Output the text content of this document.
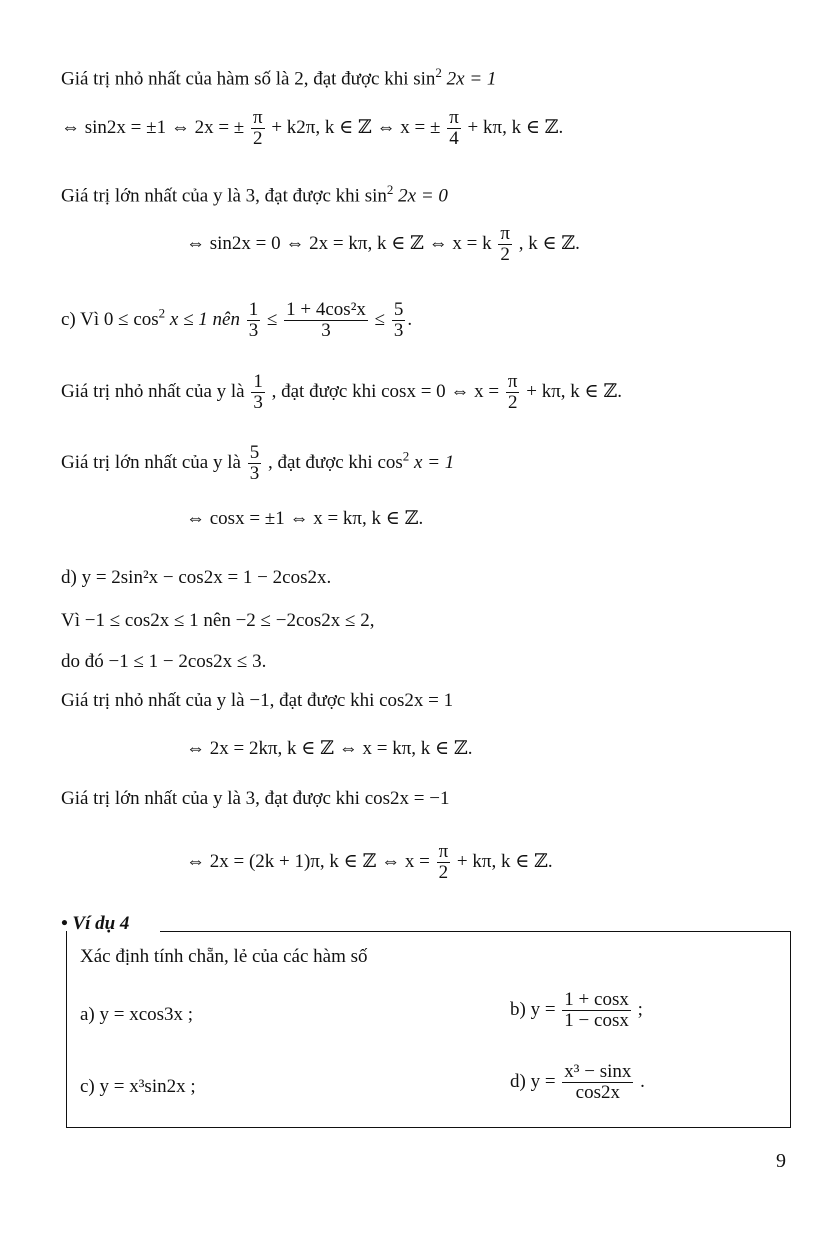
Giá trị nhỏ nhất của hàm số là 2, đạt được khi $\sin^2 2x = 1$
⇔ sin2x = ±1 ⇔ 2x = ± $\frac{\pi}{2} + k2\pi$, k ∈ ℤ ⇔ x = ± $\frac{\pi}{4} + k\pi$, k ∈ ℤ.
Giá trị lớn nhất của y là 3, đạt được khi $\sin^2 2x = 0$
⇔ sin2x = 0 ⇔ 2x = kπ, k ∈ ℤ ⇔ x = k $\frac{\pi}{2}$ , k ∈ ℤ.
c) Vì $0 \le \cos^2 x \le 1$ nên $\frac{1}{3} \le \frac{\text{1 + 4cos²x}}{3} \le \frac{5}{3}$ .
Giá trị nhỏ nhất của y là $\frac{1}{3}$ , đạt được khi cosx = 0 ⇔ $x = \frac{\pi}{2} + k\pi$, k ∈ ℤ.
Giá trị lớn nhất của y là $\frac{5}{3}$ , đạt được khi $\cos^2 x = 1$
⇔ cosx = ±1 ⇔ x = kπ, k ∈ ℤ.
d) y = 2sin²x − cos2x = 1 − 2cos2x.
Vì −1 ≤ cos2x ≤ 1 nên −2 ≤ −2cos2x ≤ 2,
do đó −1 ≤ 1 − 2cos2x ≤ 3.
Giá trị nhỏ nhất của y là −1, đạt được khi cos2x = 1
⇔ 2x = 2kπ, k ∈ ℤ ⇔ x = kπ, k ∈ ℤ.
Giá trị lớn nhất của y là 3, đạt được khi cos2x = −1
⇔ 2x = (2k + 1)π, k ∈ ℤ ⇔ $x = \frac{\pi}{2} + k\pi$, k ∈ ℤ.
• Ví dụ 4
Xác định tính chẵn, lẻ của các hàm số
a) y = xcos3x ;	b) $y = \frac{1 + \cos x}{1 - \cos x}$ ;
c) y = x³sin2x ;	d) $y = \frac{\text{x³ − sinx}}{\cos 2x}$ .
9
